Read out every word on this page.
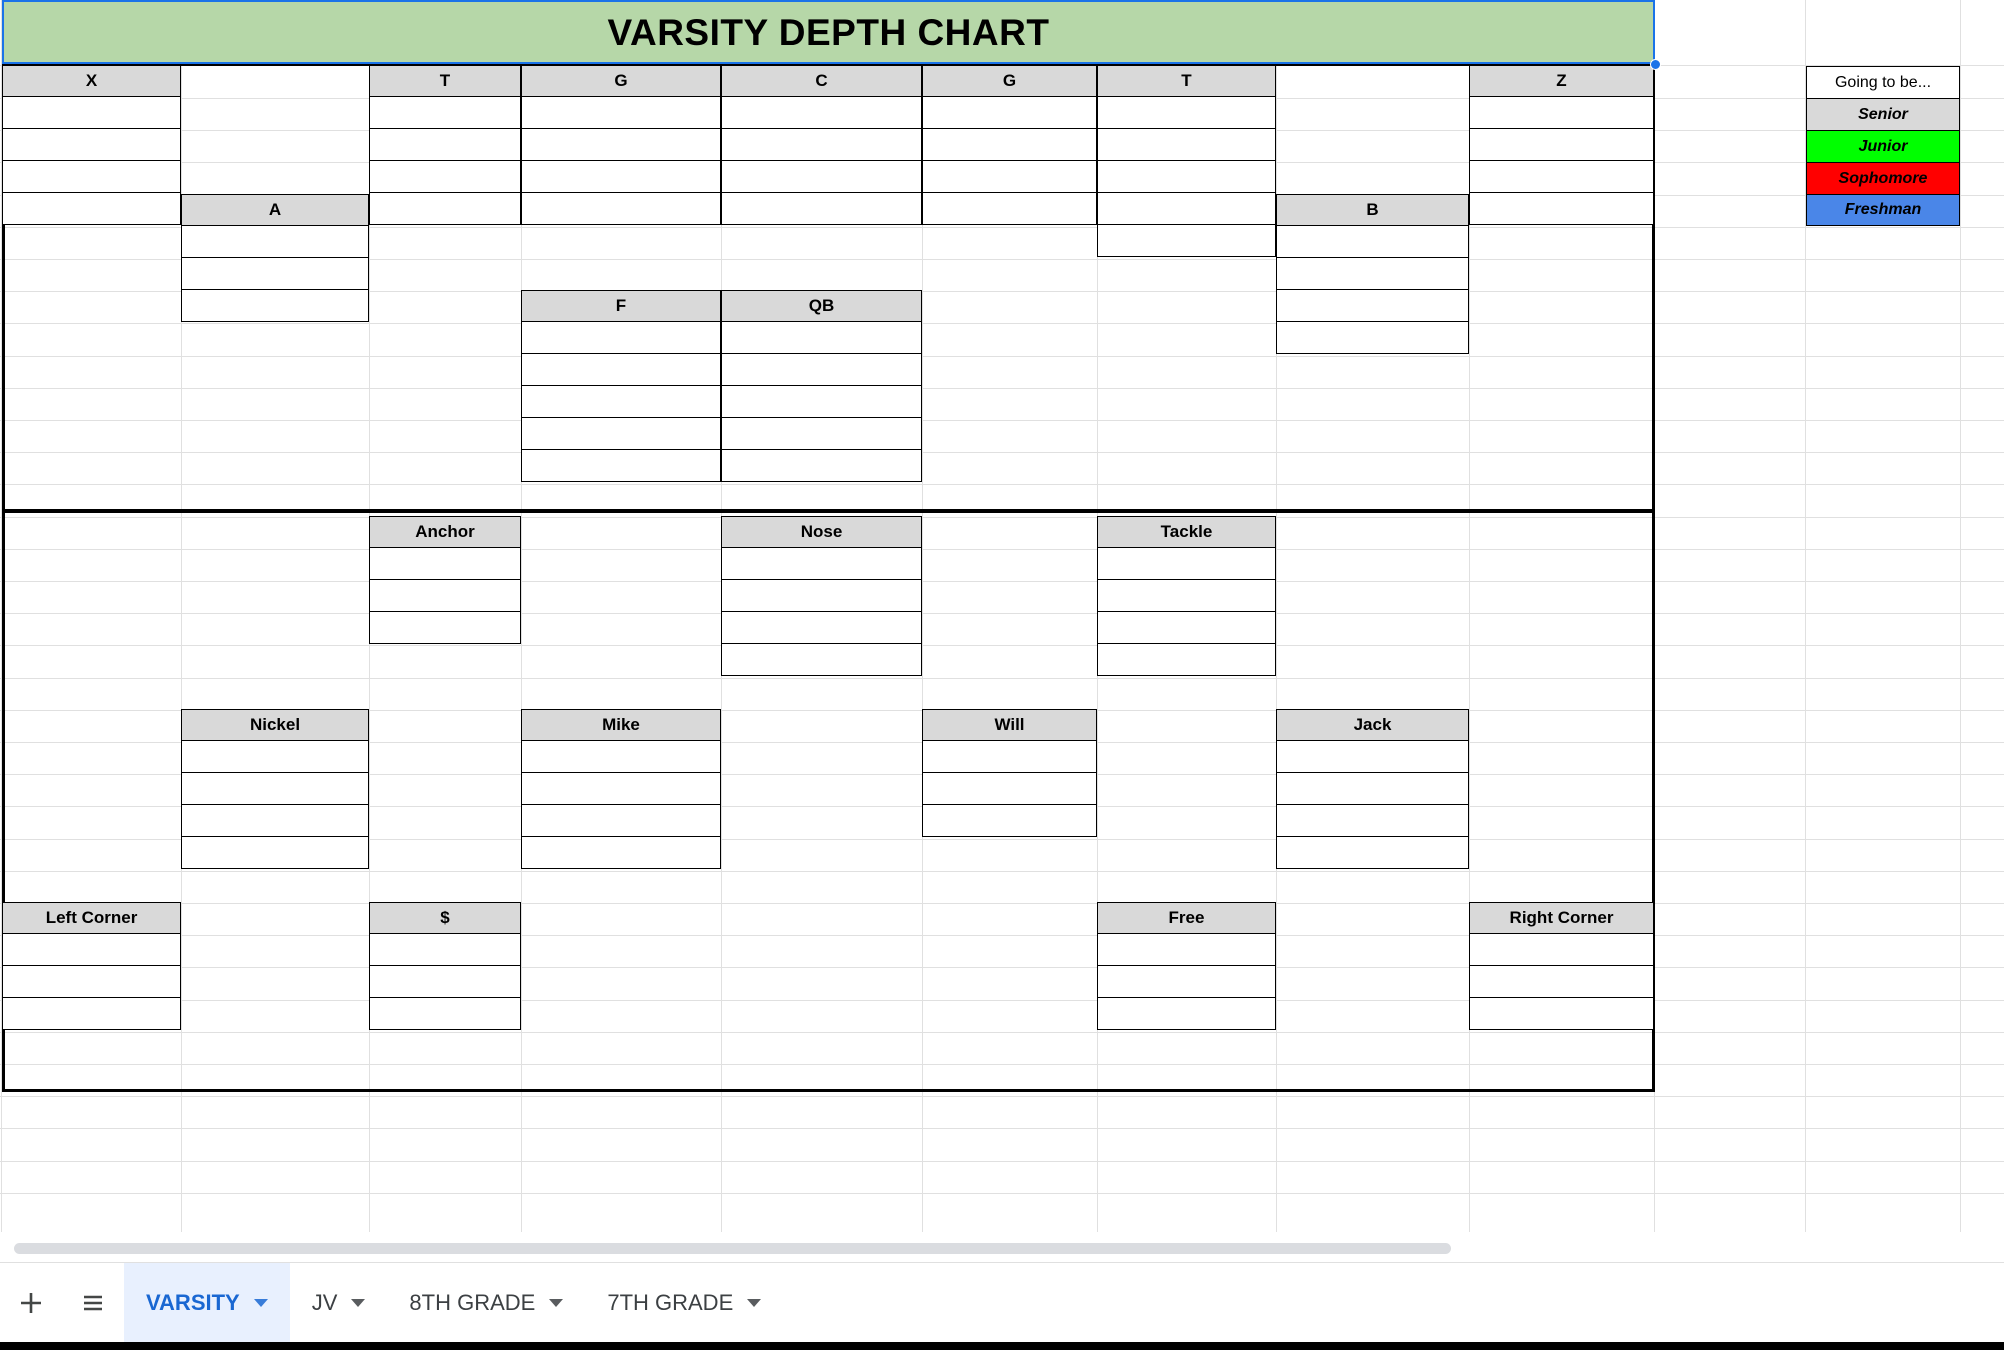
VARSITY DEPTH CHART
X
A
T	G	C	G	T
B
Z
F	QB
Anchor	Nose	Tackle
Nickel	Mike	Will	Jack
Left Corner	$	Free	Right Corner
Going to be...
Senior
Junior
Sophomore
Freshman
VARSITY	JV	8TH GRADE	7TH GRADE
